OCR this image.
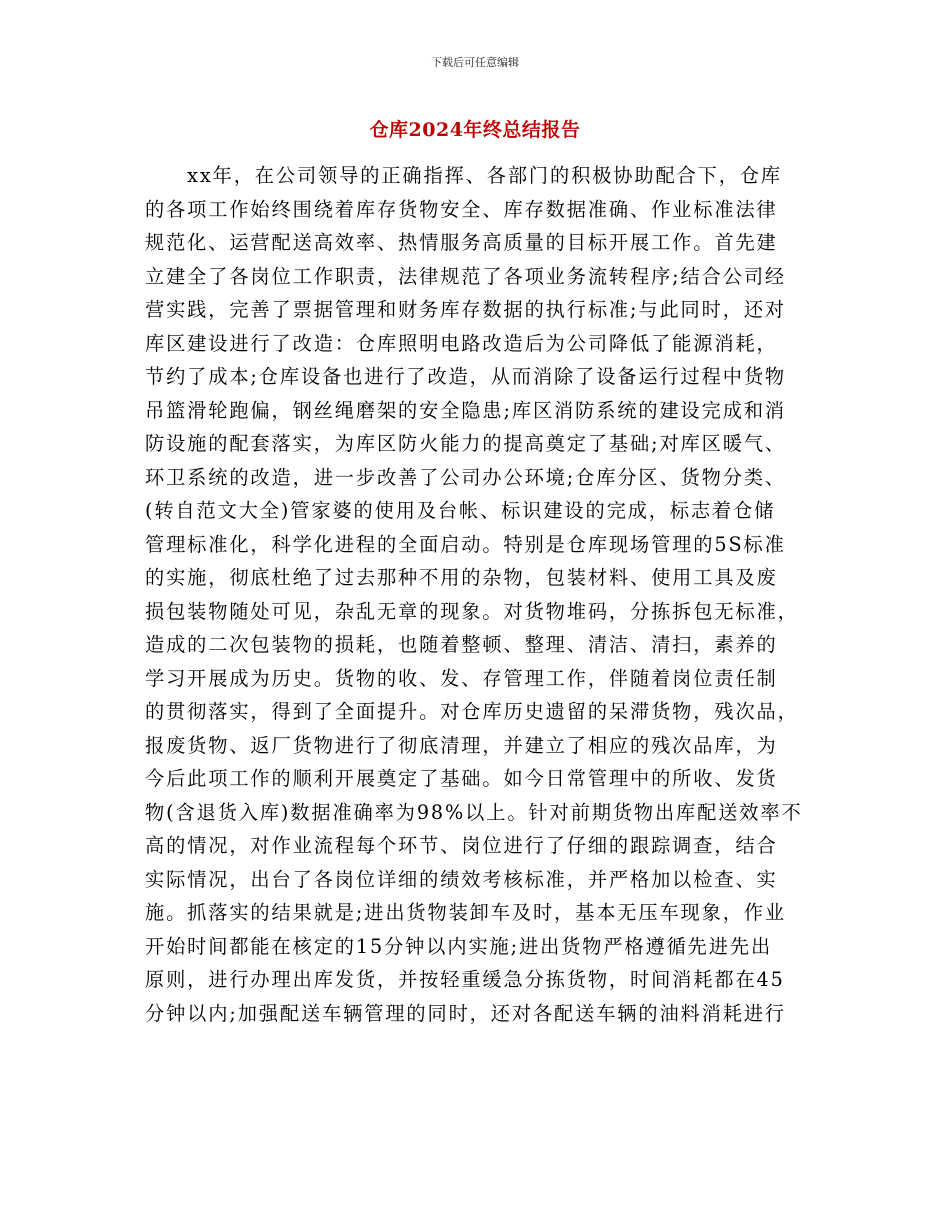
下载后可任意编辑
仓库2024年终总结报告
　　xx年，在公司领导的正确指挥、各部门的积极协助配合下，仓库
的各项工作始终围绕着库存货物安全、库存数据准确、作业标准法律
规范化、运营配送高效率、热情服务高质量的目标开展工作。首先建
立建全了各岗位工作职责，法律规范了各项业务流转程序;结合公司经
营实践，完善了票据管理和财务库存数据的执行标准;与此同时，还对
库区建设进行了改造：仓库照明电路改造后为公司降低了能源消耗，
节约了成本;仓库设备也进行了改造，从而消除了设备运行过程中货物
吊篮滑轮跑偏，钢丝绳磨架的安全隐患;库区消防系统的建设完成和消
防设施的配套落实，为库区防火能力的提高奠定了基础;对库区暖气、
环卫系统的改造，进一步改善了公司办公环境;仓库分区、货物分类、
(转自范文大全)管家婆的使用及台帐、标识建设的完成，标志着仓储
管理标准化，科学化进程的全面启动。特别是仓库现场管理的5S标准
的实施，彻底杜绝了过去那种不用的杂物，包装材料、使用工具及废
损包装物随处可见，杂乱无章的现象。对货物堆码，分拣拆包无标准，
造成的二次包装物的损耗，也随着整顿、整理、清洁、清扫，素养的
学习开展成为历史。货物的收、发、存管理工作，伴随着岗位责任制
的贯彻落实，得到了全面提升。对仓库历史遗留的呆滞货物，残次品，
报废货物、返厂货物进行了彻底清理，并建立了相应的残次品库，为
今后此项工作的顺利开展奠定了基础。如今日常管理中的所收、发货
物(含退货入库)数据准确率为98%以上。针对前期货物出库配送效率不
高的情况，对作业流程每个环节、岗位进行了仔细的跟踪调查，结合
实际情况，出台了各岗位详细的绩效考核标准，并严格加以检查、实
施。抓落实的结果就是;进出货物装卸车及时，基本无压车现象，作业
开始时间都能在核定的15分钟以内实施;进出货物严格遵循先进先出
原则，进行办理出库发货，并按轻重缓急分拣货物，时间消耗都在45
分钟以内;加强配送车辆管理的同时，还对各配送车辆的油料消耗进行
